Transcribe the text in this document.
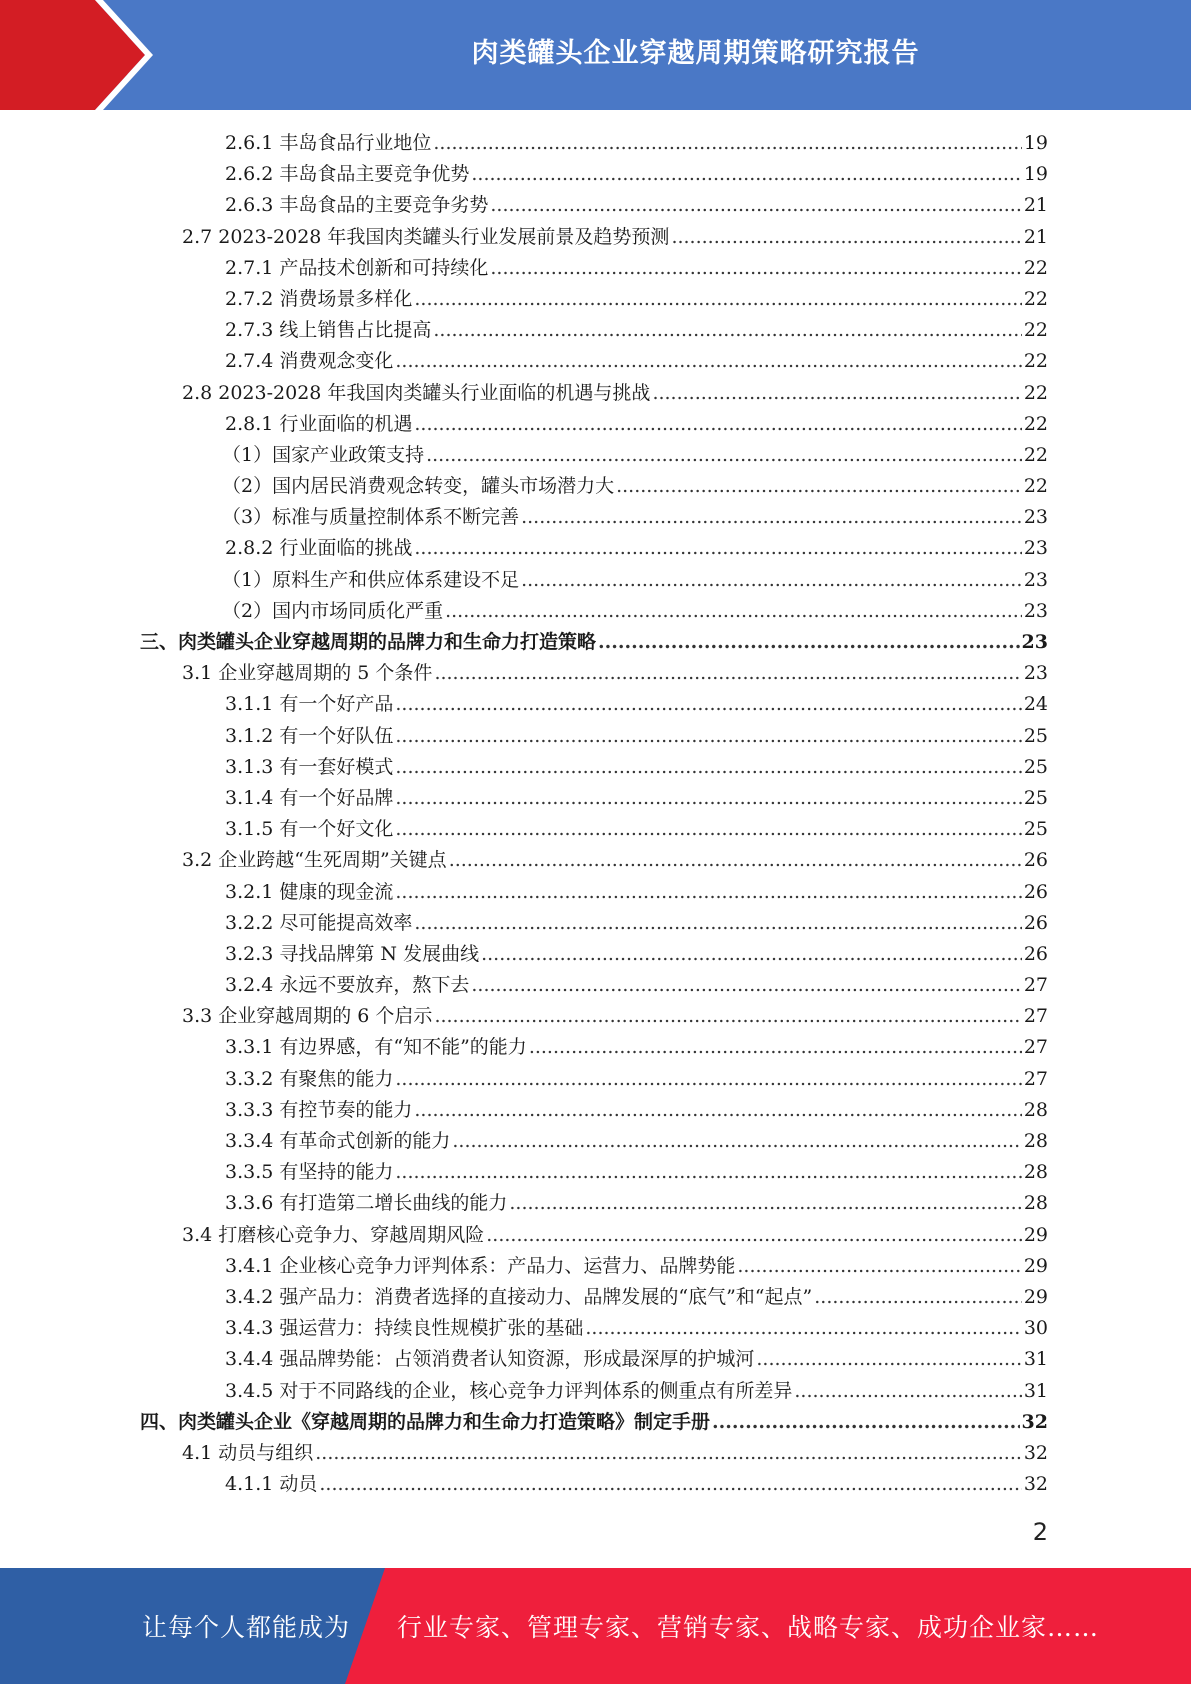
肉类罐头企业穿越周期策略研究报告
2.6.1 丰岛食品行业地位 .....	19
2.6.2 丰岛食品主要竞争优势 .....	19
2.6.3 丰岛食品的主要竞争劣势 .....	21
2.7 2023-2028 年我国肉类罐头行业发展前景及趋势预测 .....	21
2.7.1 产品技术创新和可持续化 .....	22
2.7.2 消费场景多样化 .....	22
2.7.3 线上销售占比提高 .....	22
2.7.4 消费观念变化 .....	22
2.8 2023-2028 年我国肉类罐头行业面临的机遇与挑战 .....	22
2.8.1 行业面临的机遇 .....	22
（1）国家产业政策支持 .....	22
（2）国内居民消费观念转变，罐头市场潜力大 .....	22
（3）标准与质量控制体系不断完善 .....	23
2.8.2 行业面临的挑战 .....	23
（1）原料生产和供应体系建设不足 .....	23
（2）国内市场同质化严重 .....	23
三、肉类罐头企业穿越周期的品牌力和生命力打造策略 .....	23
3.1 企业穿越周期的 5 个条件 .....	23
3.1.1 有一个好产品 .....	24
3.1.2 有一个好队伍 .....	25
3.1.3 有一套好模式 .....	25
3.1.4 有一个好品牌 .....	25
3.1.5 有一个好文化 .....	25
3.2 企业跨越“生死周期”关键点 .....	26
3.2.1 健康的现金流 .....	26
3.2.2 尽可能提高效率 .....	26
3.2.3 寻找品牌第 N 发展曲线 .....	26
3.2.4 永远不要放弃，熬下去 .....	27
3.3 企业穿越周期的 6 个启示 .....	27
3.3.1 有边界感，有“知不能”的能力 .....	27
3.3.2 有聚焦的能力 .....	27
3.3.3 有控节奏的能力 .....	28
3.3.4 有革命式创新的能力 .....	28
3.3.5 有坚持的能力 .....	28
3.3.6 有打造第二增长曲线的能力 .....	28
3.4 打磨核心竞争力、穿越周期风险 .....	29
3.4.1 企业核心竞争力评判体系：产品力、运营力、品牌势能 .....	29
3.4.2 强产品力：消费者选择的直接动力、品牌发展的“底气”和“起点” .....	29
3.4.3 强运营力：持续良性规模扩张的基础 .....	30
3.4.4 强品牌势能：占领消费者认知资源，形成最深厚的护城河 .....	31
3.4.5 对于不同路线的企业，核心竞争力评判体系的侧重点有所差异 .....	31
四、肉类罐头企业《穿越周期的品牌力和生命力打造策略》制定手册 .....	32
4.1 动员与组织 .....	32
4.1.1 动员 .....	32
2
让每个人都能成为 行业专家、管理专家、营销专家、战略专家、成功企业家……
